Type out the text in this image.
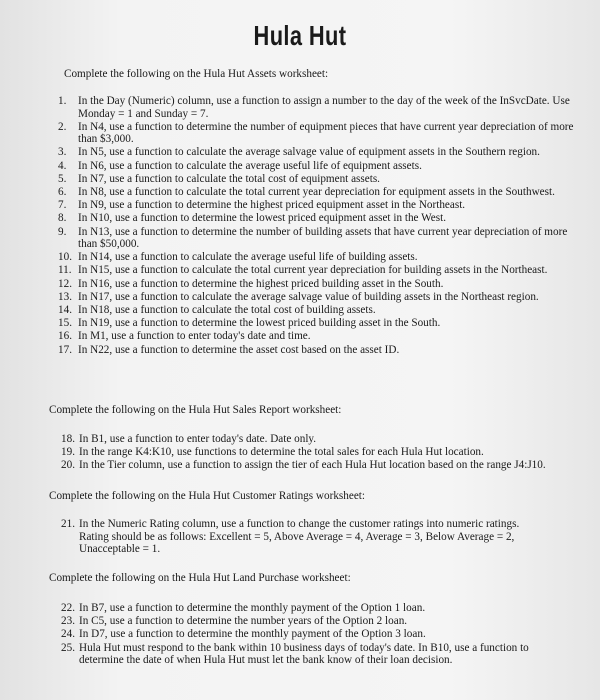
Hula Hut
Complete the following on the Hula Hut Assets worksheet:
1.	In the Day (Numeric) column, use a function to assign a number to the day of the week of the InSvcDate. Use Monday = 1 and Sunday = 7.
2.	In N4, use a function to determine the number of equipment pieces that have current year depreciation of more than $3,000.
3.	In N5, use a function to calculate the average salvage value of equipment assets in the Southern region.
4.	In N6, use a function to calculate the average useful life of equipment assets.
5.	In N7, use a function to calculate the total cost of equipment assets.
6.	In N8, use a function to calculate the total current year depreciation for equipment assets in the Southwest.
7.	In N9, use a function to determine the highest priced equipment asset in the Northeast.
8.	In N10, use a function to determine the lowest priced equipment asset in the West.
9.	In N13, use a function to determine the number of building assets that have current year depreciation of more than $50,000.
10. In N14, use a function to calculate the average useful life of building assets.
11. In N15, use a function to calculate the total current year depreciation for building assets in the Northeast.
12. In N16, use a function to determine the highest priced building asset in the South.
13. In N17, use a function to calculate the average salvage value of building assets in the Northeast region.
14. In N18, use a function to calculate the total cost of building assets.
15. In N19, use a function to determine the lowest priced building asset in the South.
16. In M1, use a function to enter today's date and time.
17. In N22, use a function to determine the asset cost based on the asset ID.
Complete the following on the Hula Hut Sales Report worksheet:
18. In B1, use a function to enter today's date. Date only.
19. In the range K4:K10, use functions to determine the total sales for each Hula Hut location.
20. In the Tier column, use a function to assign the tier of each Hula Hut location based on the range J4:J10.
Complete the following on the Hula Hut Customer Ratings worksheet:
21. In the Numeric Rating column, use a function to change the customer ratings into numeric ratings. Rating should be as follows: Excellent = 5, Above Average = 4, Average = 3, Below Average = 2, Unacceptable = 1.
Complete the following on the Hula Hut Land Purchase worksheet:
22. In B7, use a function to determine the monthly payment of the Option 1 loan.
23. In C5, use a function to determine the number years of the Option 2 loan.
24. In D7, use a function to determine the monthly payment of the Option 3 loan.
25. Hula Hut must respond to the bank within 10 business days of today's date. In B10, use a function to determine the date of when Hula Hut must let the bank know of their loan decision.
